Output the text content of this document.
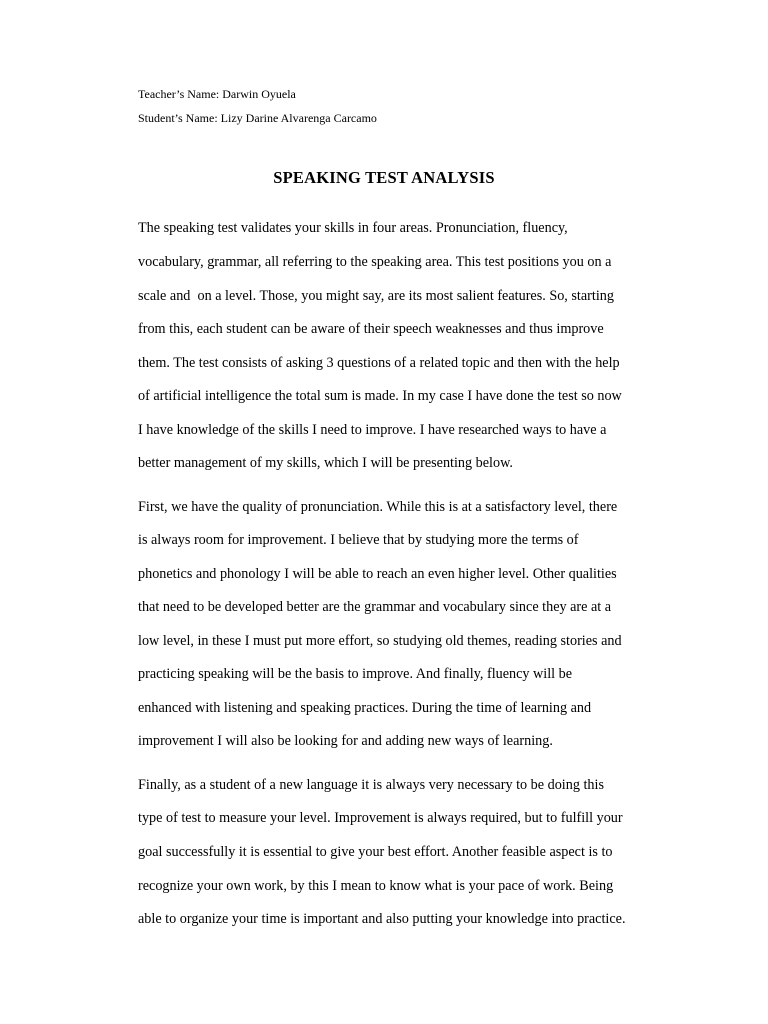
Teacher’s Name: Darwin Oyuela
Student’s Name: Lizy Darine Alvarenga Carcamo
SPEAKING TEST ANALYSIS
The speaking test validates your skills in four areas. Pronunciation, fluency,
vocabulary, grammar, all referring to the speaking area. This test positions you on a
scale and  on a level. Those, you might say, are its most salient features. So, starting
from this, each student can be aware of their speech weaknesses and thus improve
them. The test consists of asking 3 questions of a related topic and then with the help
of artificial intelligence the total sum is made. In my case I have done the test so now
I have knowledge of the skills I need to improve. I have researched ways to have a
better management of my skills, which I will be presenting below.
First, we have the quality of pronunciation. While this is at a satisfactory level, there
is always room for improvement. I believe that by studying more the terms of
phonetics and phonology I will be able to reach an even higher level. Other qualities
that need to be developed better are the grammar and vocabulary since they are at a
low level, in these I must put more effort, so studying old themes, reading stories and
practicing speaking will be the basis to improve. And finally, fluency will be
enhanced with listening and speaking practices. During the time of learning and
improvement I will also be looking for and adding new ways of learning.
Finally, as a student of a new language it is always very necessary to be doing this
type of test to measure your level. Improvement is always required, but to fulfill your
goal successfully it is essential to give your best effort. Another feasible aspect is to
recognize your own work, by this I mean to know what is your pace of work. Being
able to organize your time is important and also putting your knowledge into practice.
